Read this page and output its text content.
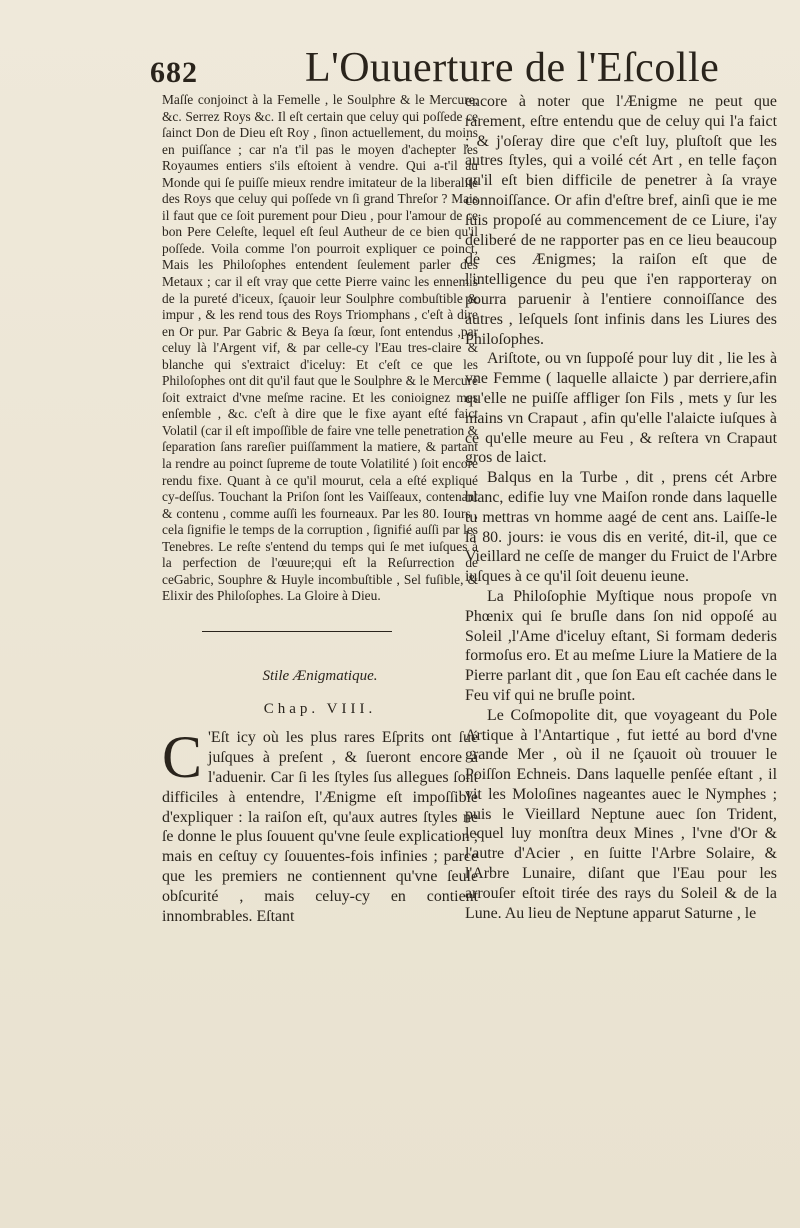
682	L'Ouuerture de l'Eſcolle

Maſſe conjoinct à la Femelle , le Soulphre & le Mercure, &c. Serrez Roys &c. Il eſt certain que celuy qui poſſede ce ſainct Don de Dieu eſt Roy , ſinon actuellement, du moins en puiſſance ; car n'a t'il pas le moyen d'achepter les Royaumes entiers s'ils eſtoient à vendre. Qui a-t'il au Monde qui ſe puiſſe mieux rendre imitateur de la liberalité des Roys que celuy qui poſſede vn ſi grand Threſor ? Mais il faut que ce ſoit purement pour Dieu , pour l'amour de ce bon Pere Celeſte, lequel eſt ſeul Autheur de ce bien qu'il poſſede. Voila comme l'on pourroit expliquer ce poinct, Mais les Philoſophes entendent ſeulement parler des Metaux ; car il eſt vray que cette Pierre vainc les ennemis de la pureté d'iceux, ſçauoir leur Soulphre combuſtible & impur , & les rend tous des Roys Triomphans , c'eſt à dire en Or pur. Par Gabric & Beya ſa ſœur, ſont entendus ,par celuy là l'Argent vif, & par celle-cy l'Eau tres-claire & blanche qui s'extraict d'iceluy: Et c'eſt ce que les Philoſophes ont dit qu'il faut que le Soulphre & le Mercure ſoit extraict d'vne meſme racine. Et les conioignez mes enſemble , &c. c'eſt à dire que le fixe ayant eſté faict Volatil (car il eſt impoſſible de faire vne telle penetration & ſeparation ſans rareſier puiſſamment la matiere, & partant la rendre au poinct ſupreme de toute Volatilité ) ſoit encore rendu fixe. Quant à ce qu'il mourut, cela a eſté expliqué cy-deſſus. Touchant la Priſon ſont les Vaiſſeaux, contenant & contenu , comme auſſi les fourneaux. Par les 80. Iours , cela ſignifie le temps de la corruption , ſignifié auſſi par les Tenebres. Le reſte s'entend du temps qui ſe met iuſques à la perfection de l'œuure;qui eſt la Reſurrection de ceGabric, Souphre & Huyle incombuſtible , Sel fuſible, & Elixir des Philoſophes. La Gloire à Dieu.

Stile Ænigmatique.
Chap. VIII.
C 'Eſt icy où les plus rares Eſprits ont ſué juſques à preſent , & ſueront encore à l'aduenir. Car ſi les ſtyles ſus allegues ſont difficiles à entendre, l'Ænigme eſt impoſſible d'expliquer : la raiſon eſt, qu'aux autres ſtyles ne ſe donne le plus ſouuent qu'vne ſeule explication ; mais en ceſtuy cy ſouuentes-fois infinies ; parce que les premiers ne contiennent qu'vne ſeule obſcurité , mais celuy-cy en contient innombrables. Eſtant

encore à noter que l'Ænigme ne peut que rarement, eſtre entendu que de celuy qui l'a faict ; & j'oſeray dire que c'eſt luy, pluſtoſt que les autres ſtyles, qui a voilé cét Art , en telle façon qu'il eſt bien difficile de penetrer à ſa vraye connoiſſance. Or afin d'eſtre bref, ainſi que ie me ſuis propoſé au commencement de ce Liure, i'ay deliberé de ne rapporter pas en ce lieu beaucoup de ces Ænigmes; la raiſon eſt que de l'intelligence du peu que i'en rapporteray on pourra paruenir à l'entiere connoiſſance des autres , leſquels ſont infinis dans les Liures des Philoſophes.

Ariſtote, ou vn ſuppoſé pour luy dit , lie les à vne Femme ( laquelle allaicte ) par derriere,afin qu'elle ne puiſſe affliger ſon Fils , mets y ſur les mains vn Crapaut , afin qu'elle l'alaicte iuſques à ce qu'elle meure au Feu , & reſtera vn Crapaut gros de laict.

Balqus en la Turbe , dit , prens cét Arbre blanc, edifie luy vne Maiſon ronde dans laquelle tu mettras vn homme aagé de cent ans. Laiſſe-le là 80. jours: ie vous dis en verité, dit-il, que ce Vieillard ne ceſſe de manger du Fruict de l'Arbre iuſques à ce qu'il ſoit deuenu ieune.

La Philoſophie Myſtique nous propoſe vn Phœnix qui ſe bruſle dans ſon nid oppoſé au Soleil ,l'Ame d'iceluy eſtant, Si formam dederis formoſus ero. Et au meſme Liure la Matiere de la Pierre parlant dit , que ſon Eau eſt cachée dans le Feu vif qui ne bruſle point.

Le Coſmopolite dit, que voyageant du Pole Artique à l'Antartique , fut ietté au bord d'vne grande Mer , où il ne ſçauoit où trouuer le Poiſſon Echneis. Dans laquelle penſée eſtant , il vit les Moloſines nageantes auec le Nymphes ; puis le Vieillard Neptune auec ſon Trident, lequel luy monſtra deux Mines , l'vne d'Or & l'autre d'Acier , en ſuitte l'Arbre Solaire, & l'Arbre Lunaire, diſant que l'Eau pour les arrouſer eſtoit tirée des rays du Soleil & de la Lune. Au lieu de Neptune apparut Saturne , le
